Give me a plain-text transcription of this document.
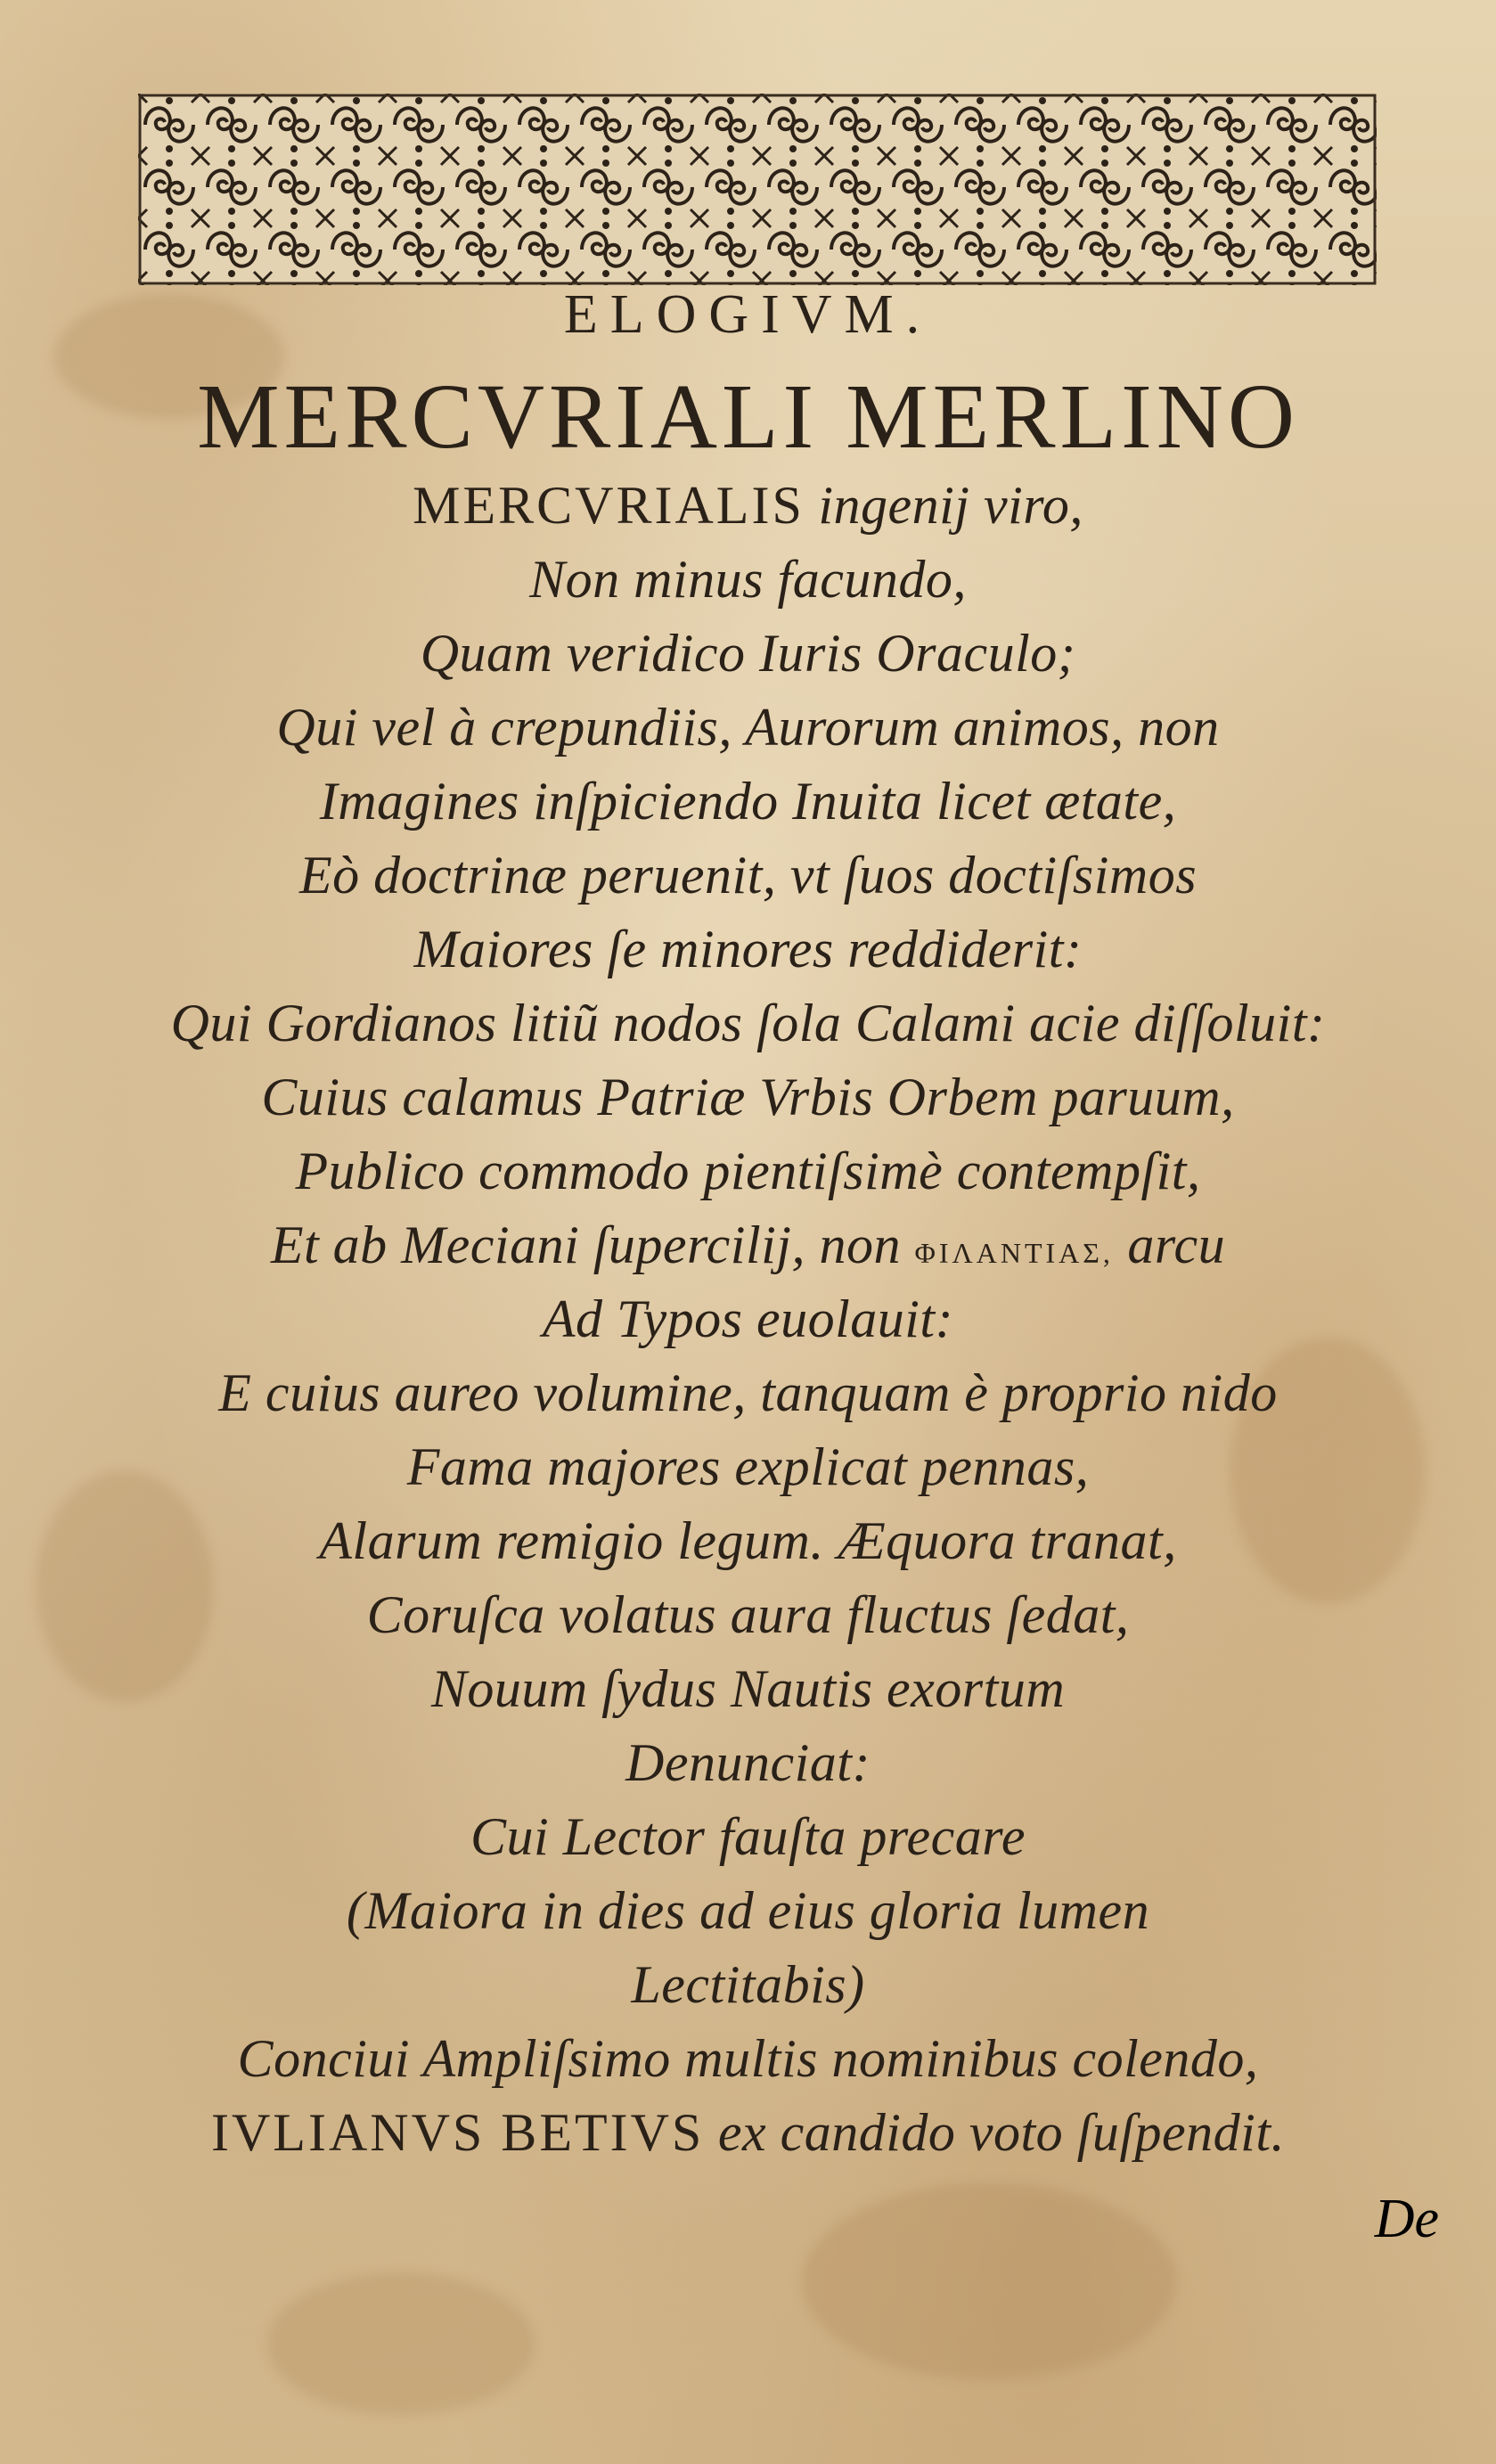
ELOGIVM.
MERCVRIALI MERLINO
MERCVRIALIS ingenij viro,
Non minus facundo,
Quam veridico Iuris Oraculo;
Qui vel à crepundiis, Aurorum animos, non
Imagines inſpiciendo Inuita licet ætate,
Eò doctrinæ peruenit, vt ſuos doctiſsimos
Maiores ſe minores reddiderit:
Qui Gordianos litiũ nodos ſola Calami acie diſſoluit:
Cuius calamus Patriæ Vrbis Orbem paruum,
Publico commodo pientiſsimè contempſit,
Et ab Meciani ſupercilij, non ΦΙΛΑΝΤΙΑΣ, arcu
Ad Typos euolauit:
E cuius aureo volumine, tanquam è proprio nido
Fama majores explicat pennas,
Alarum remigio legum. Æquora tranat,
Coruſca volatus aura fluctus ſedat,
Nouum ſydus Nautis exortum
Denunciat:
Cui Lector fauſta precare
(Maiora in dies ad eius gloria lumen
Lectitabis)
Conciui Ampliſsimo multis nominibus colendo,
IVLIANVS BETIVS ex candido voto ſuſpendit.
De
